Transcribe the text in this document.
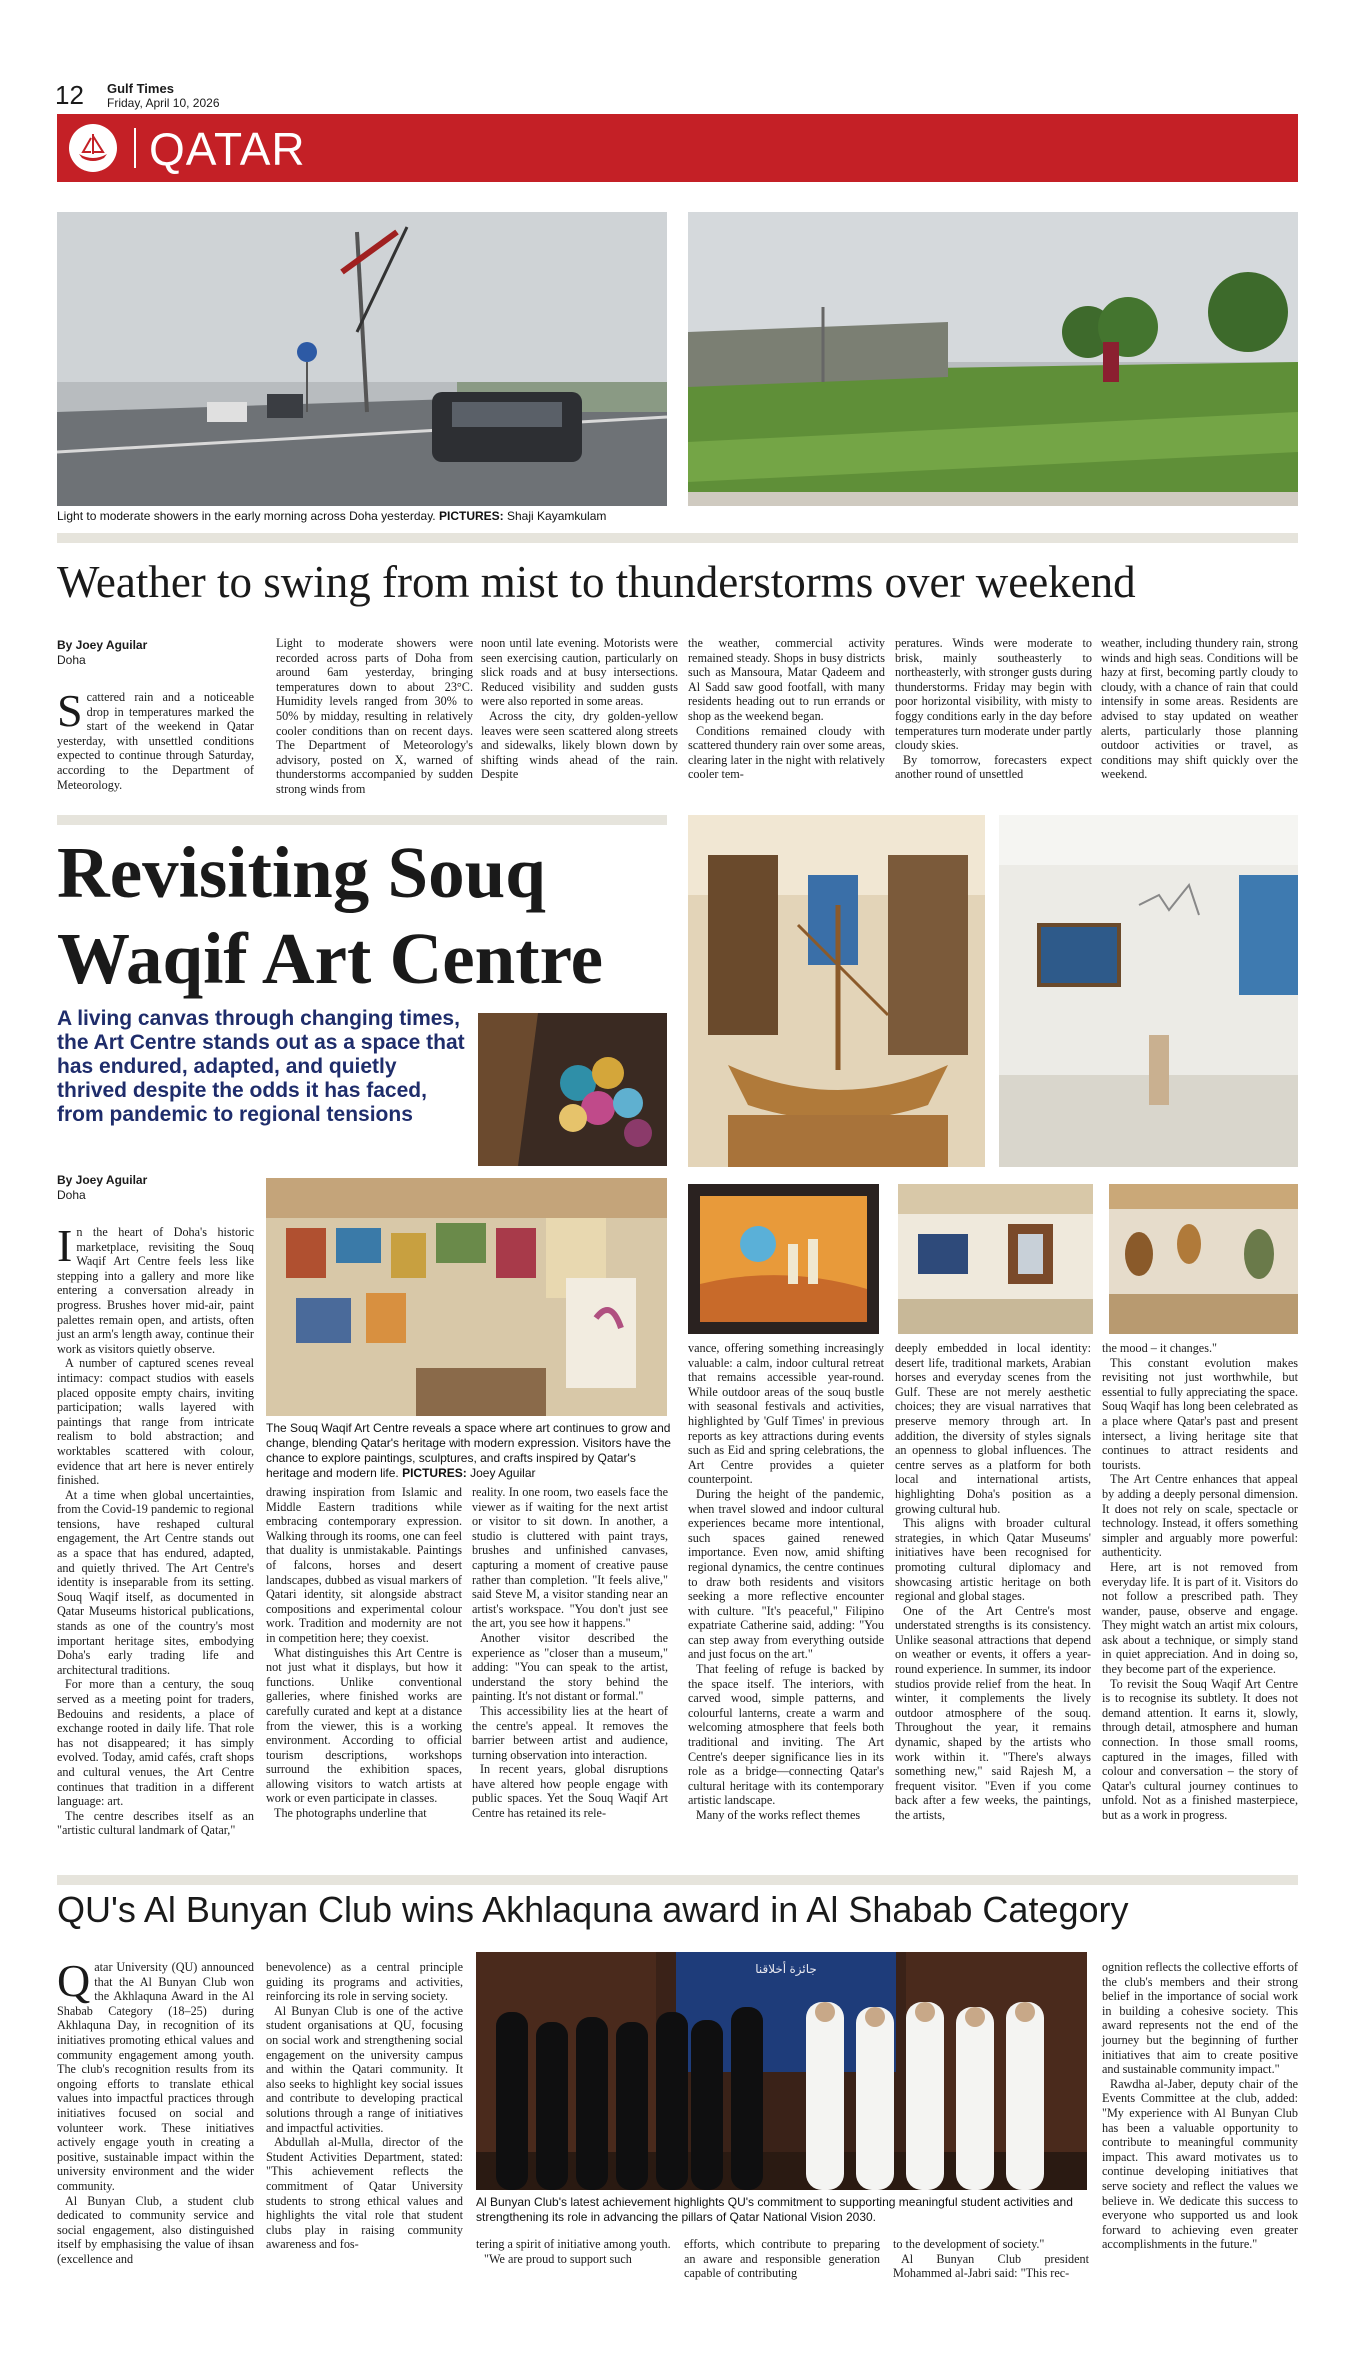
12 Gulf Times
Friday, April 10, 2026
QATAR
Light to moderate showers in the early morning across Doha yesterday. PICTURES: Shaji Kayamkulam
Weather to swing from mist to thunderstorms over weekend
By Joey Aguilar
Doha
Scattered rain and a noticeable drop in temperatures marked the start of the weekend in Qatar yesterday, with unsettled conditions expected to continue through Saturday, according to the Department of Meteorology.

Light to moderate showers were recorded across parts of Doha from around 6am yesterday, bringing temperatures down to about 23°C. Humidity levels ranged from 30% to 50% by midday, resulting in relatively cooler conditions than on recent days. The Department of Meteorology's advisory, posted on X, warned of thunderstorms accompanied by sudden strong winds from

noon until late evening. Motorists were seen exercising caution, particularly on slick roads and at busy intersections. Reduced visibility and sudden gusts were also reported in some areas.

Across the city, dry golden-yellow leaves were seen scattered along streets and sidewalks, likely blown down by shifting winds ahead of the rain. Despite

the weather, commercial activity remained steady. Shops in busy districts such as Mansoura, Matar Qadeem and Al Sadd saw good footfall, with many residents heading out to run errands or shop as the weekend began.

Conditions remained cloudy with scattered thundery rain over some areas, clearing later in the night with relatively cooler tem-

peratures. Winds were moderate to brisk, mainly southeasterly to northeasterly, with stronger gusts during thunderstorms. Friday may begin with poor horizontal visibility, with misty to foggy conditions early in the day before temperatures turn moderate under partly cloudy skies.

By tomorrow, forecasters expect another round of unsettled

weather, including thundery rain, strong winds and high seas. Conditions will be hazy at first, becoming partly cloudy to cloudy, with a chance of rain that could intensify in some areas. Residents are advised to stay updated on weather alerts, particularly those planning outdoor activities or travel, as conditions may shift quickly over the weekend.

Revisiting Souq
Waqif Art Centre
A living canvas through changing times, the Art Centre stands out as a space that has endured, adapted, and quietly thrived despite the odds it has faced, from pandemic to regional tensions
By Joey Aguilar
Doha
The Souq Waqif Art Centre reveals a space where art continues to grow and change, blending Qatar's heritage with modern expression. Visitors have the chance to explore paintings, sculptures, and crafts inspired by Qatar's heritage and modern life. PICTURES: Joey Aguilar

In the heart of Doha's historic marketplace, revisiting the Souq Waqif Art Centre feels less like stepping into a gallery and more like entering a conversation already in progress. Brushes hover mid-air, paint palettes remain open, and artists, often just an arm's length away, continue their work as visitors quietly observe.

A number of captured scenes reveal intimacy: compact studios with easels placed opposite empty chairs, inviting participation; walls layered with paintings that range from intricate realism to bold abstraction; and worktables scattered with colour, evidence that art here is never entirely finished.

At a time when global uncertainties, from the Covid-19 pandemic to regional tensions, have reshaped cultural engagement, the Art Centre stands out as a space that has endured, adapted, and quietly thrived. The Art Centre's identity is inseparable from its setting. Souq Waqif itself, as documented in Qatar Museums historical publications, stands as one of the country's most important heritage sites, embodying Doha's early trading life and architectural traditions.

For more than a century, the souq served as a meeting point for traders, Bedouins and residents, a place of exchange rooted in daily life. That role has not disappeared; it has simply evolved. Today, amid cafés, craft shops and cultural venues, the Art Centre continues that tradition in a different language: art.

The centre describes itself as an "artistic cultural landmark of Qatar,"

drawing inspiration from Islamic and Middle Eastern traditions while embracing contemporary expression. Walking through its rooms, one can feel that duality is unmistakable. Paintings of falcons, horses and desert landscapes, dubbed as visual markers of Qatari identity, sit alongside abstract compositions and experimental colour work. Tradition and modernity are not in competition here; they coexist.

What distinguishes this Art Centre is not just what it displays, but how it functions. Unlike conventional galleries, where finished works are carefully curated and kept at a distance from the viewer, this is a working environment. According to official tourism descriptions, workshops surround the exhibition spaces, allowing visitors to watch artists at work or even participate in classes.

The photographs underline that

reality. In one room, two easels face the viewer as if waiting for the next artist or visitor to sit down. In another, a studio is cluttered with paint trays, brushes and unfinished canvases, capturing a moment of creative pause rather than completion. "It feels alive," said Steve M, a visitor standing near an artist's workspace. "You don't just see the art, you see how it happens."

Another visitor described the experience as "closer than a museum," adding: "You can speak to the artist, understand the story behind the painting. It's not distant or formal."

This accessibility lies at the heart of the centre's appeal. It removes the barrier between artist and audience, turning observation into interaction.

In recent years, global disruptions have altered how people engage with public spaces. Yet the Souq Waqif Art Centre has retained its rele-

vance, offering something increasingly valuable: a calm, indoor cultural retreat that remains accessible year-round. While outdoor areas of the souq bustle with seasonal festivals and activities, highlighted by 'Gulf Times' in previous reports as key attractions during events such as Eid and spring celebrations, the Art Centre provides a quieter counterpoint.

During the height of the pandemic, when travel slowed and indoor cultural experiences became more intentional, such spaces gained renewed importance. Even now, amid shifting regional dynamics, the centre continues to draw both residents and visitors seeking a more reflective encounter with culture. "It's peaceful," Filipino expatriate Catherine said, adding: "You can step away from everything outside and just focus on the art."

That feeling of refuge is backed by the space itself. The interiors, with carved wood, simple patterns, and colourful lanterns, create a warm and welcoming atmosphere that feels both traditional and inviting. The Art Centre's deeper significance lies in its role as a bridge—connecting Qatar's cultural heritage with its contemporary artistic landscape.

Many of the works reflect themes

deeply embedded in local identity: desert life, traditional markets, Arabian horses and everyday scenes from the Gulf. These are not merely aesthetic choices; they are visual narratives that preserve memory through art. In addition, the diversity of styles signals an openness to global influences. The centre serves as a platform for both local and international artists, highlighting Doha's position as a growing cultural hub.

This aligns with broader cultural strategies, in which Qatar Museums' initiatives have been recognised for promoting cultural diplomacy and showcasing artistic heritage on both regional and global stages.

One of the Art Centre's most understated strengths is its consistency. Unlike seasonal attractions that depend on weather or events, it offers a year-round experience. In summer, its indoor studios provide relief from the heat. In winter, it complements the lively outdoor atmosphere of the souq. Throughout the year, it remains dynamic, shaped by the artists who work within it. "There's always something new," said Rajesh M, a frequent visitor. "Even if you come back after a few weeks, the paintings, the artists,

the mood – it changes."

This constant evolution makes revisiting not just worthwhile, but essential to fully appreciating the space. Souq Waqif has long been celebrated as a place where Qatar's past and present intersect, a living heritage site that continues to attract residents and tourists.

The Art Centre enhances that appeal by adding a deeply personal dimension. It does not rely on scale, spectacle or technology. Instead, it offers something simpler and arguably more powerful: authenticity.

Here, art is not removed from everyday life. It is part of it. Visitors do not follow a prescribed path. They wander, pause, observe and engage. They might watch an artist mix colours, ask about a technique, or simply stand in quiet appreciation. And in doing so, they become part of the experience.

To revisit the Souq Waqif Art Centre is to recognise its subtlety. It does not demand attention. It earns it, slowly, through detail, atmosphere and human connection. In those small rooms, captured in the images, filled with colour and conversation – the story of Qatar's cultural journey continues to unfold. Not as a finished masterpiece, but as a work in progress.

QU's Al Bunyan Club wins Akhlaquna award in Al Shabab Category
جائزة أخلاقنا
Al Bunyan Club's latest achievement highlights QU's commitment to supporting meaningful student activities and strengthening its role in advancing the pillars of Qatar National Vision 2030.

Qatar University (QU) announced that the Al Bunyan Club won the Akhlaquna Award in the Al Shabab Category (18–25) during Akhlaquna Day, in recognition of its initiatives promoting ethical values and community engagement among youth. The club's recognition results from its ongoing efforts to translate ethical values into impactful practices through initiatives focused on social and volunteer work. These initiatives actively engage youth in creating a positive, sustainable impact within the university environment and the wider community.

Al Bunyan Club, a student club dedicated to community service and social engagement, also distinguished itself by emphasising the value of ihsan (excellence and

benevolence) as a central principle guiding its programs and activities, reinforcing its role in serving society.

Al Bunyan Club is one of the active student organisations at QU, focusing on social work and strengthening social engagement on the university campus and within the Qatari community. It also seeks to highlight key social issues and contribute to developing practical solutions through a range of initiatives and impactful activities.

Abdullah al-Mulla, director of the Student Activities Department, stated: "This achievement reflects the commitment of Qatar University students to strong ethical values and highlights the vital role that student clubs play in raising community awareness and fos-	tering a spirit of initiative among youth.

"We are proud to support such

efforts, which contribute to preparing an aware and responsible generation capable of contributing

to the development of society."

Al Bunyan Club president Mohammed al-Jabri said: "This rec-

ognition reflects the collective efforts of the club's members and their strong belief in the importance of social work in building a cohesive society. This award represents not the end of the journey but the beginning of further initiatives that aim to create positive and sustainable community impact."

Rawdha al-Jaber, deputy chair of the Events Committee at the club, added: "My experience with Al Bunyan Club has been a valuable opportunity to contribute to meaningful community impact. This award motivates us to continue developing initiatives that serve society and reflect the values we believe in. We dedicate this success to everyone who supported us and look forward to achieving even greater accomplishments in the future."
